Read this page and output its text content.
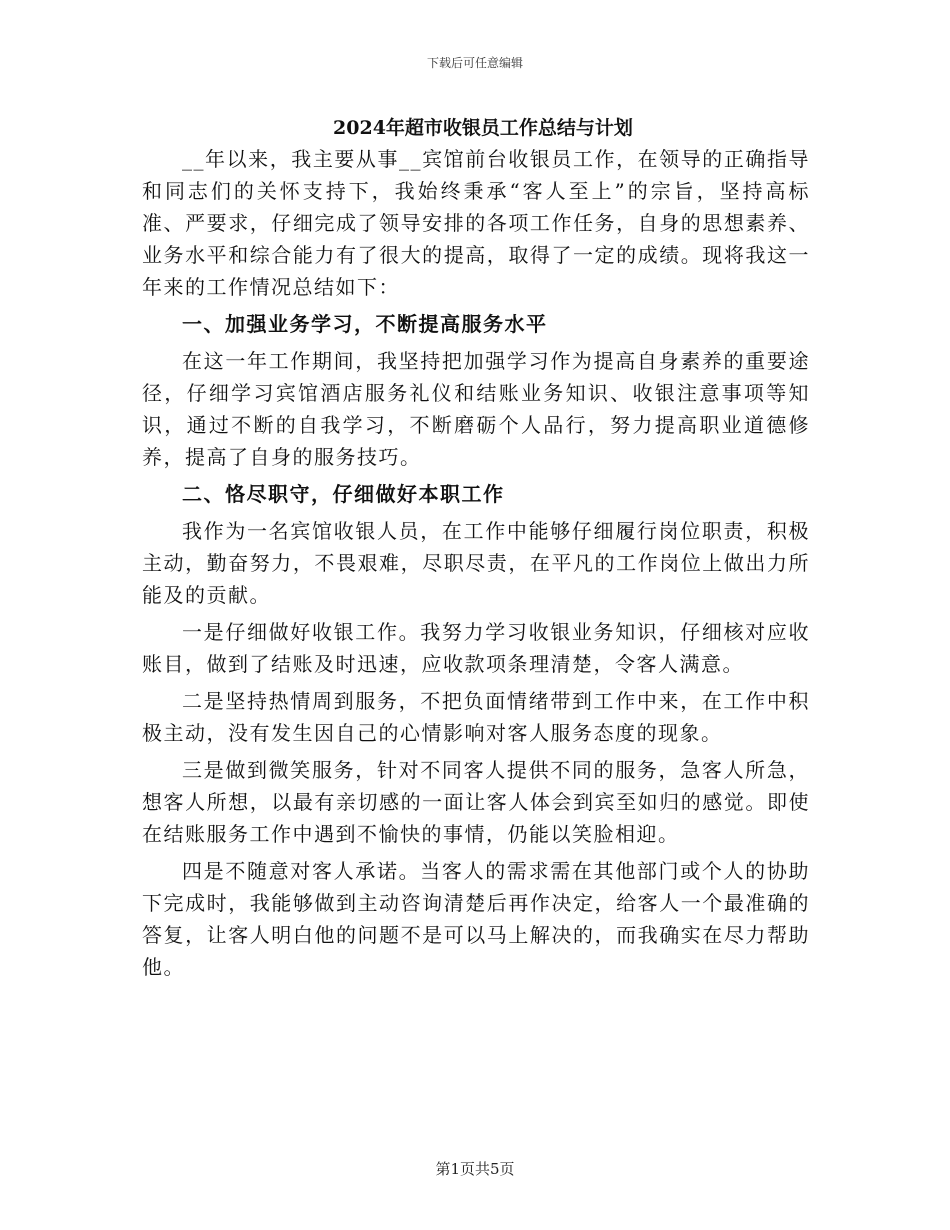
下载后可任意编辑
2024年超市收银员工作总结与计划

__年以来，我主要从事__宾馆前台收银员工作，在领导的正确指导和同志们的关怀支持下，我始终秉承“客人至上”的宗旨，坚持高标准、严要求，仔细完成了领导安排的各项工作任务，自身的思想素养、业务水平和综合能力有了很大的提高，取得了一定的成绩。现将我这一年来的工作情况总结如下：

一、加强业务学习，不断提高服务水平

在这一年工作期间，我坚持把加强学习作为提高自身素养的重要途径，仔细学习宾馆酒店服务礼仪和结账业务知识、收银注意事项等知识，通过不断的自我学习，不断磨砺个人品行，努力提高职业道德修养，提高了自身的服务技巧。

二、恪尽职守，仔细做好本职工作

我作为一名宾馆收银人员，在工作中能够仔细履行岗位职责，积极主动，勤奋努力，不畏艰难，尽职尽责，在平凡的工作岗位上做出力所能及的贡献。

一是仔细做好收银工作。我努力学习收银业务知识，仔细核对应收账目，做到了结账及时迅速，应收款项条理清楚，令客人满意。

二是坚持热情周到服务，不把负面情绪带到工作中来，在工作中积极主动，没有发生因自己的心情影响对客人服务态度的现象。

三是做到微笑服务，针对不同客人提供不同的服务，急客人所急，想客人所想，以最有亲切感的一面让客人体会到宾至如归的感觉。即使在结账服务工作中遇到不愉快的事情，仍能以笑脸相迎。

四是不随意对客人承诺。当客人的需求需在其他部门或个人的协助下完成时，我能够做到主动咨询清楚后再作决定，给客人一个最准确的答复，让客人明白他的问题不是可以马上解决的，而我确实在尽力帮助他。

第1页共5页
